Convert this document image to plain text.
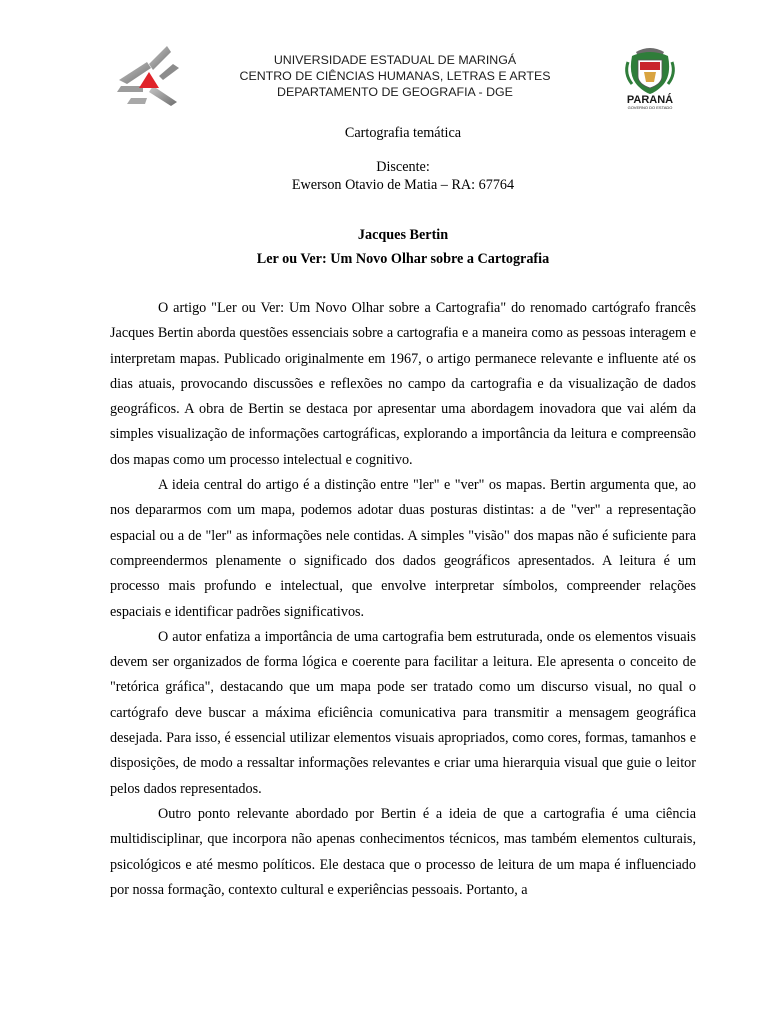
UNIVERSIDADE ESTADUAL DE MARINGÁ
CENTRO DE CIÊNCIAS HUMANAS, LETRAS E ARTES
DEPARTAMENTO DE GEOGRAFIA - DGE
PARANÁ
GOVERNO DO ESTADO
Cartografia temática
Discente:
Ewerson Otavio de Matia – RA: 67764
Jacques Bertin
Ler ou Ver: Um Novo Olhar sobre a Cartografia

O artigo "Ler ou Ver: Um Novo Olhar sobre a Cartografia" do renomado cartógrafo francês Jacques Bertin aborda questões essenciais sobre a cartografia e a maneira como as pessoas interagem e interpretam mapas. Publicado originalmente em 1967, o artigo permanece relevante e influente até os dias atuais, provocando discussões e reflexões no campo da cartografia e da visualização de dados geográficos. A obra de Bertin se destaca por apresentar uma abordagem inovadora que vai além da simples visualização de informações cartográficas, explorando a importância da leitura e compreensão dos mapas como um processo intelectual e cognitivo.

A ideia central do artigo é a distinção entre "ler" e "ver" os mapas. Bertin argumenta que, ao nos depararmos com um mapa, podemos adotar duas posturas distintas: a de "ver" a representação espacial ou a de "ler" as informações nele contidas. A simples "visão" dos mapas não é suficiente para compreendermos plenamente o significado dos dados geográficos apresentados. A leitura é um processo mais profundo e intelectual, que envolve interpretar símbolos, compreender relações espaciais e identificar padrões significativos.

O autor enfatiza a importância de uma cartografia bem estruturada, onde os elementos visuais devem ser organizados de forma lógica e coerente para facilitar a leitura. Ele apresenta o conceito de "retórica gráfica", destacando que um mapa pode ser tratado como um discurso visual, no qual o cartógrafo deve buscar a máxima eficiência comunicativa para transmitir a mensagem geográfica desejada. Para isso, é essencial utilizar elementos visuais apropriados, como cores, formas, tamanhos e disposições, de modo a ressaltar informações relevantes e criar uma hierarquia visual que guie o leitor pelos dados representados.

Outro ponto relevante abordado por Bertin é a ideia de que a cartografia é uma ciência multidisciplinar, que incorpora não apenas conhecimentos técnicos, mas também elementos culturais, psicológicos e até mesmo políticos. Ele destaca que o processo de leitura de um mapa é influenciado por nossa formação, contexto cultural e experiências pessoais. Portanto, a
